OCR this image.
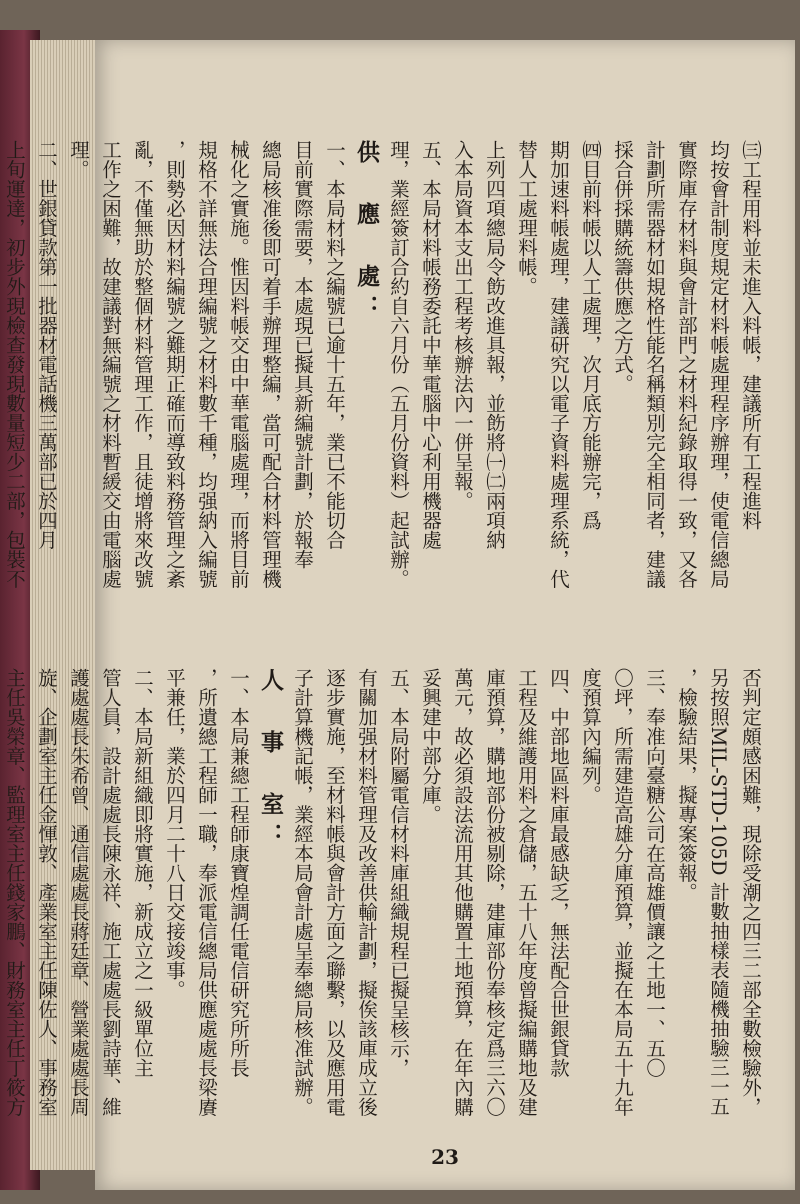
㈢工程用料並未進入料帳，建議所有工程進料
均按會計制度規定材料帳處理程序辦理，使電信總局
實際庫存材料與會計部門之材料紀錄取得一致，又各
計劃所需器材如規格性能名稱類別完全相同者，建議
採合併採購統籌供應之方式。
㈣目前料帳以人工處理，次月底方能辦完，爲
期加速料帳處理，建議研究以電子資料處理系統，代
替人工處理料帳。
上列四項總局令飭改進具報，並飭將㈠㈡兩項納
入本局資本支出工程考核辦法內一併呈報。
五、本局材料帳務委託中華電腦中心利用機器處
理，業經簽訂合約自六月份（五月份資料）起試辦。
供　應　處：
一、本局材料之編號已逾十五年，業已不能切合
目前實際需要，本處現已擬具新編號計劃，於報奉
總局核准後即可着手辦理整編，當可配合材料管理機
械化之實施。惟因料帳交由中華電腦處理，而將目前
規格不詳無法合理編號之材料數千種，均强納入編號
，則勢必因材料編號之難期正確而導致料務管理之紊
亂，不僅無助於整個材料管理工作，且徒增將來改號
工作之困難，故建議對無編號之材料暫緩交由電腦處
理。
二、世銀貸款第一批器材電話機三萬部已於四月
上旬運達，初步外現檢查發現數量短少二部，包裝不
否判定頗感困難，現除受潮之四三二部全數檢驗外，
另按照MIL-STD-105D 計數抽樣表隨機抽驗三一五
，檢驗結果，擬專案簽報。
三、奉准向臺糖公司在高雄價讓之土地一、五〇
〇坪，所需建造高雄分庫預算，並擬在本局五十九年
度預算內編列。
四、中部地區料庫最感缺乏，無法配合世銀貸款
工程及維護用料之倉儲，五十八年度曾擬編購地及建
庫預算，購地部份被剔除，建庫部份奉核定爲三六〇
萬元，故必須設法流用其他購置土地預算，在年內購
妥興建中部分庫。
五、本局附屬電信材料庫組織規程已擬呈核示，
有關加强材料管理及改善供輸計劃，擬俟該庫成立後
逐步實施，至材料帳與會計方面之聯繫，以及應用電
子計算機記帳，業經本局會計處呈奉總局核准試辦。
人　事　室：
一、本局兼總工程師康寶煌調任電信研究所所長
，所遺總工程師一職，奉派電信總局供應處處長梁賡
平兼任，業於四月二十八日交接竣事。
二、本局新組織即將實施，新成立之一級單位主
管人員，設計處處長陳永祥、施工處處長劉詩華、維
護處處長朱希曾、通信處處長蔣廷章、營業處處長周
旋、企劃室主任金惲敦、產業室主任陳佐人、事務室
主任吳榮章、監理室主任錢家鵬、財務室主任丁筱方
23
